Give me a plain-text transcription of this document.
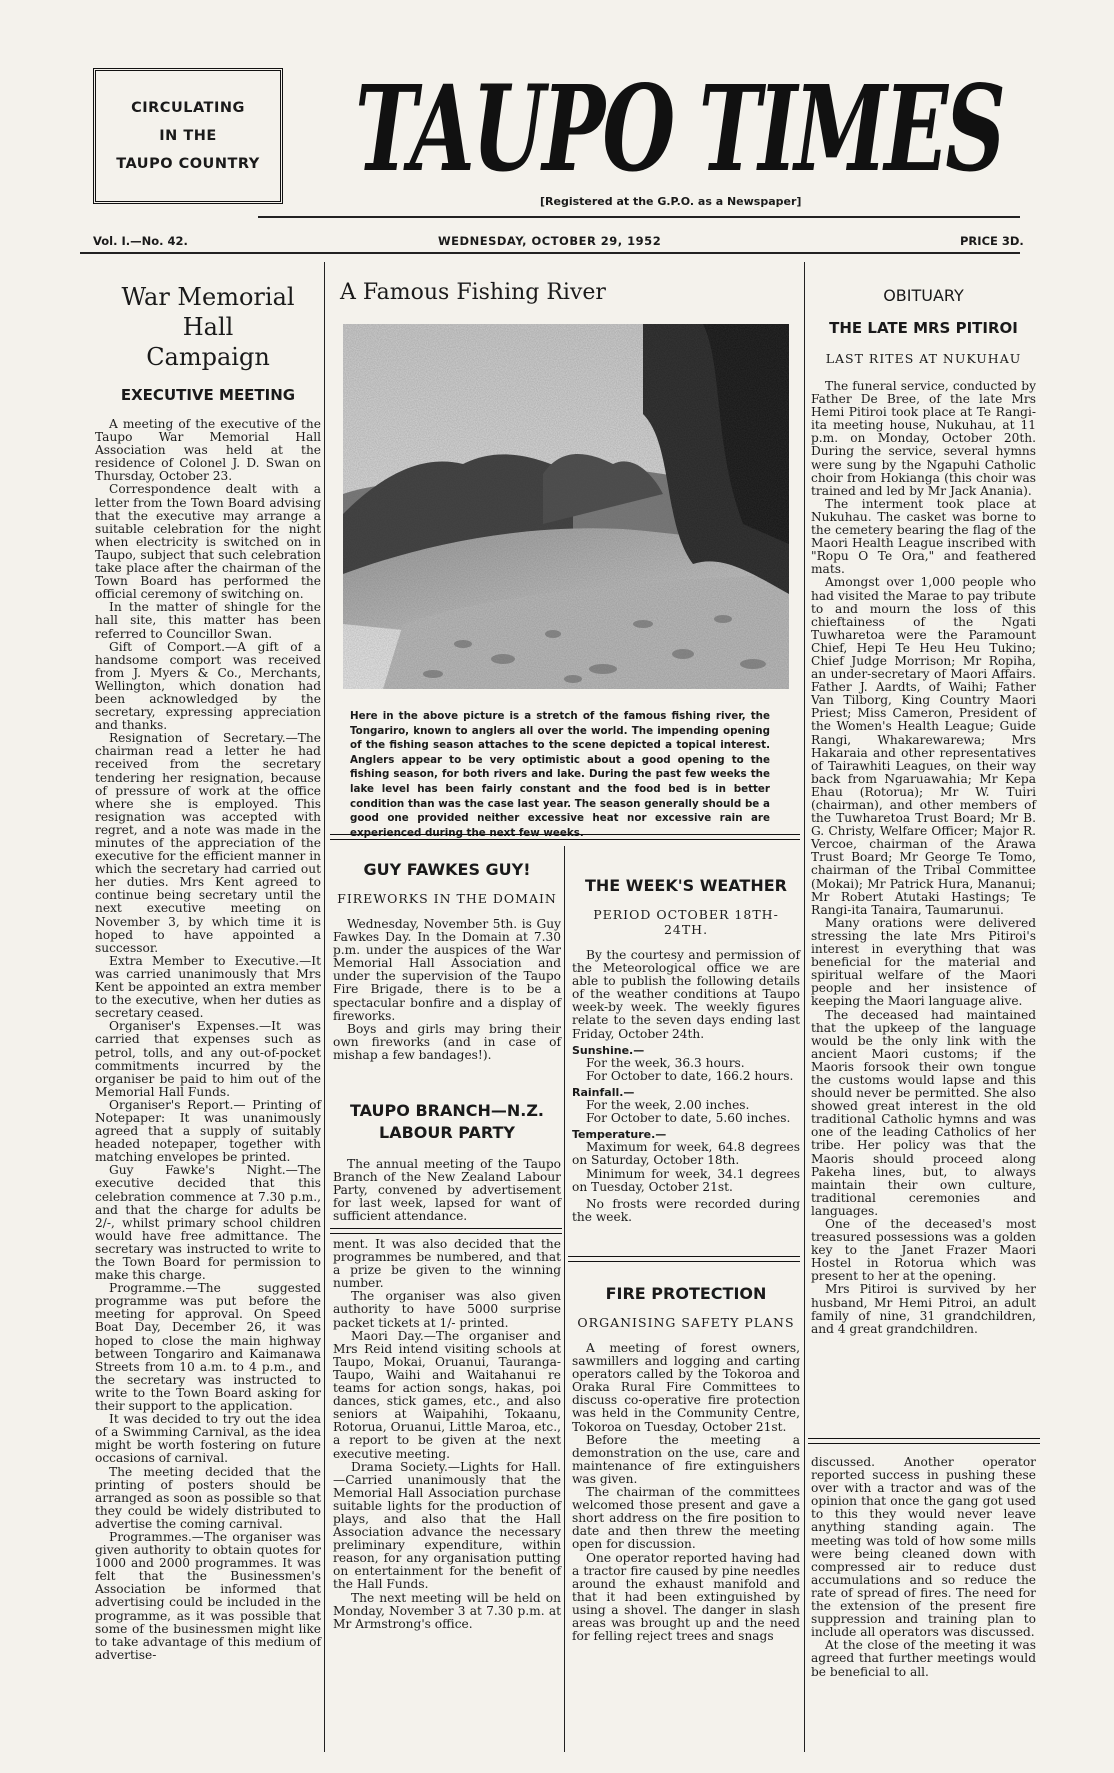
CIRCULATING
IN THE
TAUPO COUNTRY TAUPO TIMES
[Registered at the G.P.O. as a Newspaper]
Vol. I.—No. 42.	WEDNESDAY, OCTOBER 29, 1952	PRICE 3D.
War Memorial Hall
Campaign
EXECUTIVE MEETING

A meeting of the executive of the Taupo War Memorial Hall Association was held at the residence of Colonel J. D. Swan on Thursday, October 23.

Correspondence dealt with a letter from the Town Board advising that the executive may arrange a suitable celebration for the night when electricity is switched on in Taupo, subject that such celebration take place after the chairman of the Town Board has performed the official ceremony of switching on.

In the matter of shingle for the hall site, this matter has been referred to Councillor Swan.

Gift of Comport.—A gift of a handsome comport was received from J. Myers & Co., Merchants, Wellington, which donation had been acknowledged by the secretary, expressing appreciation and thanks.

Resignation of Secretary.—The chairman read a letter he had received from the secretary tendering her resignation, because of pressure of work at the office where she is employed. This resignation was accepted with regret, and a note was made in the minutes of the appreciation of the executive for the efficient manner in which the secretary had carried out her duties. Mrs Kent agreed to continue being secretary until the next executive meeting on November 3, by which time it is hoped to have appointed a successor.

Extra Member to Executive.—It was carried unanimously that Mrs Kent be appointed an extra member to the executive, when her duties as secretary ceased.

Organiser's Expenses.—It was carried that expenses such as petrol, tolls, and any out-of-pocket commitments incurred by the organiser be paid to him out of the Memorial Hall Funds.

Organiser's Report.— Printing of Notepaper: It was unanimously agreed that a supply of suitably headed notepaper, together with matching envelopes be printed.

Guy Fawke's Night.—The executive decided that this celebration commence at 7.30 p.m., and that the charge for adults be 2/-, whilst primary school children would have free admittance. The secretary was instructed to write to the Town Board for permission to make this charge.

Programme.—The suggested programme was put before the meeting for approval. On Speed Boat Day, December 26, it was hoped to close the main highway between Tongariro and Kaimanawa Streets from 10 a.m. to 4 p.m., and the secretary was instructed to write to the Town Board asking for their support to the application.

It was decided to try out the idea of a Swimming Carnival, as the idea might be worth fostering on future occasions of carnival.

The meeting decided that the printing of posters should be arranged as soon as possible so that they could be widely distributed to advertise the coming carnival.

Programmes.—The organiser was given authority to obtain quotes for 1000 and 2000 programmes. It was felt that the Businessmen's Association be informed that advertising could be included in the programme, as it was possible that some of the businessmen might like to take advantage of this medium of advertise-

A Famous Fishing River
Here in the above picture is a stretch of the famous fishing river, the Tongariro, known to anglers all over the world. The impending opening of the fishing season attaches to the scene depicted a topical interest. Anglers appear to be very optimistic about a good opening to the fishing season, for both rivers and lake. During the past few weeks the lake level has been fairly constant and the food bed is in better condition than was the case last year. The season generally should be a good one provided neither excessive heat nor excessive rain are experienced during the next few weeks.
GUY FAWKES GUY!
FIREWORKS IN THE DOMAIN

Wednesday, November 5th. is Guy Fawkes Day. In the Domain at 7.30 p.m. under the auspices of the War Memorial Hall Association and under the supervision of the Taupo Fire Brigade, there is to be a spectacular bonfire and a display of fireworks.

Boys and girls may bring their own fireworks (and in case of mishap a few bandages!).

TAUPO BRANCH—N.Z.
LABOUR PARTY

The annual meeting of the Taupo Branch of the New Zealand Labour Party, convened by advertisement for last week, lapsed for want of sufficient attendance.

ment. It was also decided that the programmes be numbered, and that a prize be given to the winning number.

The organiser was also given authority to have 5000 surprise packet tickets at 1/- printed.

Maori Day.—The organiser and Mrs Reid intend visiting schools at Taupo, Mokai, Oruanui, Tauranga-Taupo, Waihi and Waitahanui re teams for action songs, hakas, poi dances, stick games, etc., and also seniors at Waipahihi, Tokaanu, Rotorua, Oruanui, Little Maroa, etc., a report to be given at the next executive meeting.

Drama Society.—Lights for Hall.—Carried unanimously that the Memorial Hall Association purchase suitable lights for the production of plays, and also that the Hall Association advance the necessary preliminary expenditure, within reason, for any organisation putting on entertainment for the benefit of the Hall Funds.

The next meeting will be held on Monday, November 3 at 7.30 p.m. at Mr Armstrong's office.

THE WEEK'S WEATHER
PERIOD OCTOBER 18TH-24TH.

By the courtesy and permission of the Meteorological office we are able to publish the following details of the weather conditions at Taupo week-by week. The weekly figures relate to the seven days ending last Friday, October 24th.

Sunshine.—

For the week, 36.3 hours.

For October to date, 166.2 hours.

Rainfall.—

For the week, 2.00 inches.

For October to date, 5.60 inches.

Temperature.—

Maximum for week, 64.8 degrees on Saturday, October 18th.

Minimum for week, 34.1 degrees on Tuesday, October 21st.

No frosts were recorded during the week.

FIRE PROTECTION
ORGANISING SAFETY PLANS

A meeting of forest owners, sawmillers and logging and carting operators called by the Tokoroa and Oraka Rural Fire Committees to discuss co-operative fire protection was held in the Community Centre, Tokoroa on Tuesday, October 21st.

Before the meeting a demonstration on the use, care and maintenance of fire extinguishers was given.

The chairman of the committees welcomed those present and gave a short address on the fire position to date and then threw the meeting open for discussion.

One operator reported having had a tractor fire caused by pine needles around the exhaust manifold and that it had been extinguished by using a shovel. The danger in slash areas was brought up and the need for felling reject trees and snags

OBITUARY
THE LATE MRS PITIROI
LAST RITES AT NUKUHAU

The funeral service, conducted by Father De Bree, of the late Mrs Hemi Pitiroi took place at Te Rangi-ita meeting house, Nukuhau, at 11 p.m. on Monday, October 20th. During the service, several hymns were sung by the Ngapuhi Catholic choir from Hokianga (this choir was trained and led by Mr Jack Anania).

The interment took place at Nukuhau. The casket was borne to the cemetery bearing the flag of the Maori Health League inscribed with "Ropu O Te Ora," and feathered mats.

Amongst over 1,000 people who had visited the Marae to pay tribute to and mourn the loss of this chieftainess of the Ngati Tuwharetoa were the Paramount Chief, Hepi Te Heu Heu Tukino; Chief Judge Morrison; Mr Ropiha, an under-secretary of Maori Affairs. Father J. Aardts, of Waihi; Father Van Tilborg, King Country Maori Priest; Miss Cameron, President of the Women's Health League; Guide Rangi, Whakarewarewa; Mrs Hakaraia and other representatives of Tairawhiti Leagues, on their way back from Ngaruawahia; Mr Kepa Ehau (Rotorua); Mr W. Tuiri (chairman), and other members of the Tuwharetoa Trust Board; Mr B. G. Christy, Welfare Officer; Major R. Vercoe, chairman of the Arawa Trust Board; Mr George Te Tomo, chairman of the Tribal Committee (Mokai); Mr Patrick Hura, Mananui; Mr Robert Atutaki Hastings; Te Rangi-ita Tanaira, Taumarunui.

Many orations were delivered stressing the late Mrs Pitiroi's interest in everything that was beneficial for the material and spiritual welfare of the Maori people and her insistence of keeping the Maori language alive.

The deceased had maintained that the upkeep of the language would be the only link with the ancient Maori customs; if the Maoris forsook their own tongue the customs would lapse and this should never be permitted. She also showed great interest in the old traditional Catholic hymns and was one of the leading Catholics of her tribe. Her policy was that the Maoris should proceed along Pakeha lines, but, to always maintain their own culture, traditional ceremonies and languages.

One of the deceased's most treasured possessions was a golden key to the Janet Frazer Maori Hostel in Rotorua which was present to her at the opening.

Mrs Pitiroi is survived by her husband, Mr Hemi Pitroi, an adult family of nine, 31 grandchildren, and 4 great grandchildren.

discussed. Another operator reported success in pushing these over with a tractor and was of the opinion that once the gang got used to this they would never leave anything standing again. The meeting was told of how some mills were being cleaned down with compressed air to reduce dust accumulations and so reduce the rate of spread of fires. The need for the extension of the present fire suppression and training plan to include all operators was discussed.

At the close of the meeting it was agreed that further meetings would be beneficial to all.
